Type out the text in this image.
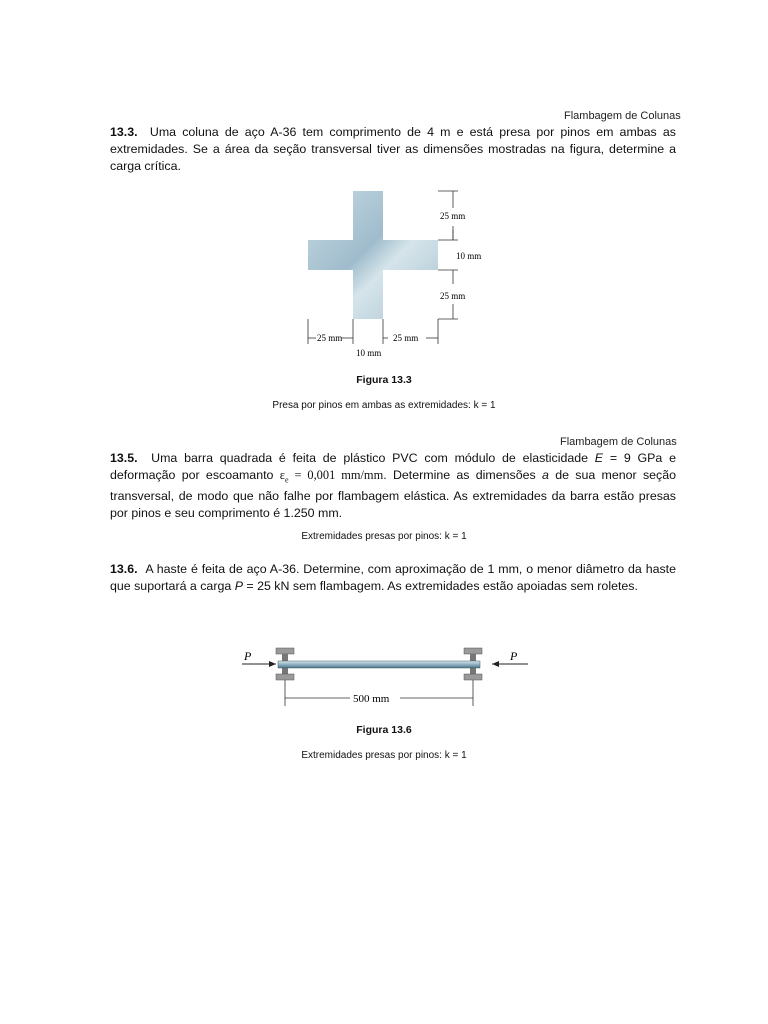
Flambagem de Colunas
13.3. Uma coluna de aço A-36 tem comprimento de 4 m e está presa por pinos em ambas as extremidades. Se a área da seção transversal tiver as dimensões mostradas na figura, determine a carga crítica.
25 mm
10 mm
25 mm
25 mm	25 mm
10 mm
Figura 13.3
Presa por pinos em ambas as extremidades: k = 1
Flambagem de Colunas
13.5. Uma barra quadrada é feita de plástico PVC com módulo de elasticidade E = 9 GPa e deformação por escoamanto $\varepsilon_e = 0,001$ mm/mm. Determine as dimensões a de sua menor seção transversal, de modo que não falhe por flambagem elástica. As extremidades da barra estão presas por pinos e seu comprimento é 1.250 mm.
Extremidades presas por pinos: k = 1
13.6. A haste é feita de aço A-36. Determine, com aproximação de 1 mm, o menor diâmetro da haste que suportará a carga P = 25 kN sem flambagem. As extremidades estão apoiadas sem roletes.
P	P
500 mm
Figura 13.6
Extremidades presas por pinos: k = 1
